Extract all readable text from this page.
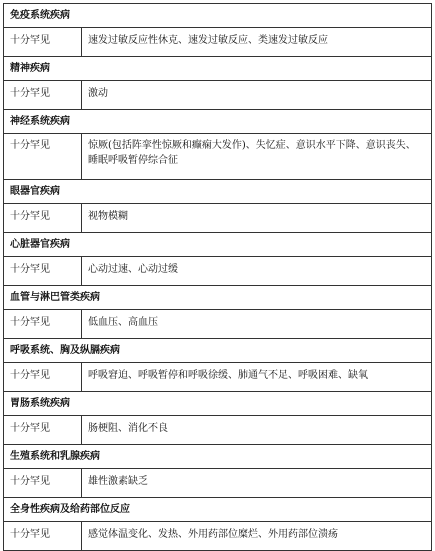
免疫系统疾病	
十分罕见	速发过敏反应性休克、速发过敏反应、类速发过敏反应
精神疾病	
十分罕见	激动
神经系统疾病	
十分罕见	惊厥(包括阵挛性惊厥和癫痫大发作)、失忆症、意识水平下降、意识丧失、睡眠呼吸暂停综合征
眼器官疾病	
十分罕见	视物模糊
心脏器官疾病	
十分罕见	心动过速、心动过缓
血管与淋巴管类疾病	
十分罕见	低血压、高血压
呼吸系统、胸及纵膈疾病	
十分罕见	呼吸窘迫、呼吸暂停和呼吸徐缓、肺通气不足、呼吸困难、缺氧
胃肠系统疾病	
十分罕见	肠梗阻、消化不良
生殖系统和乳腺疾病	
十分罕见	雄性激素缺乏
全身性疾病及给药部位反应	
十分罕见	感觉体温变化、发热、外用药部位糜烂、外用药部位溃疡
